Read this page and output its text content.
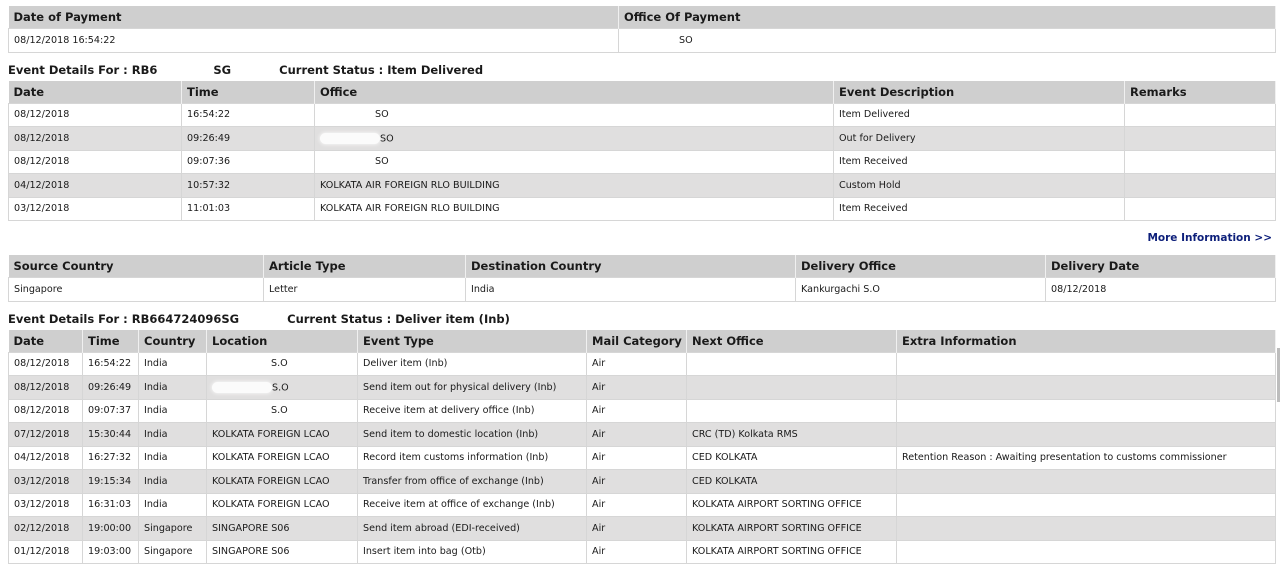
Date of Payment	Office Of Payment
08/12/2018 16:54:22	SO
Event Details For : RB6	SG	Current Status : Item Delivered
Date	Time	Office	Event Description	Remarks
08/12/2018	16:54:22	SO	Item Delivered	
08/12/2018	09:26:49	SO	Out for Delivery	
08/12/2018	09:07:36	SO	Item Received	
04/12/2018	10:57:32	KOLKATA AIR FOREIGN RLO BUILDING	Custom Hold	
03/12/2018	11:01:03	KOLKATA AIR FOREIGN RLO BUILDING	Item Received	
More Information >>
Source Country	Article Type	Destination Country	Delivery Office	Delivery Date
Singapore	Letter	India	Kankurgachi S.O	08/12/2018
Event Details For : RB664724096SG	Current Status : Deliver item (Inb)
Date	Time	Country	Location	Event Type	Mail Category	Next Office	Extra Information
08/12/2018	16:54:22	India	S.O	Deliver item (Inb)	Air		
08/12/2018	09:26:49	India	S.O	Send item out for physical delivery (Inb)	Air		
08/12/2018	09:07:37	India	S.O	Receive item at delivery office (Inb)	Air		
07/12/2018	15:30:44	India	KOLKATA FOREIGN LCAO	Send item to domestic location (Inb)	Air	CRC (TD) Kolkata RMS	
04/12/2018	16:27:32	India	KOLKATA FOREIGN LCAO	Record item customs information (Inb)	Air	CED KOLKATA	Retention Reason : Awaiting presentation to customs commissioner
03/12/2018	19:15:34	India	KOLKATA FOREIGN LCAO	Transfer from office of exchange (Inb)	Air	CED KOLKATA	
03/12/2018	16:31:03	India	KOLKATA FOREIGN LCAO	Receive item at office of exchange (Inb)	Air	KOLKATA AIRPORT SORTING OFFICE	
02/12/2018	19:00:00	Singapore	SINGAPORE S06	Send item abroad (EDI-received)	Air	KOLKATA AIRPORT SORTING OFFICE	
01/12/2018	19:03:00	Singapore	SINGAPORE S06	Insert item into bag (Otb)	Air	KOLKATA AIRPORT SORTING OFFICE	
